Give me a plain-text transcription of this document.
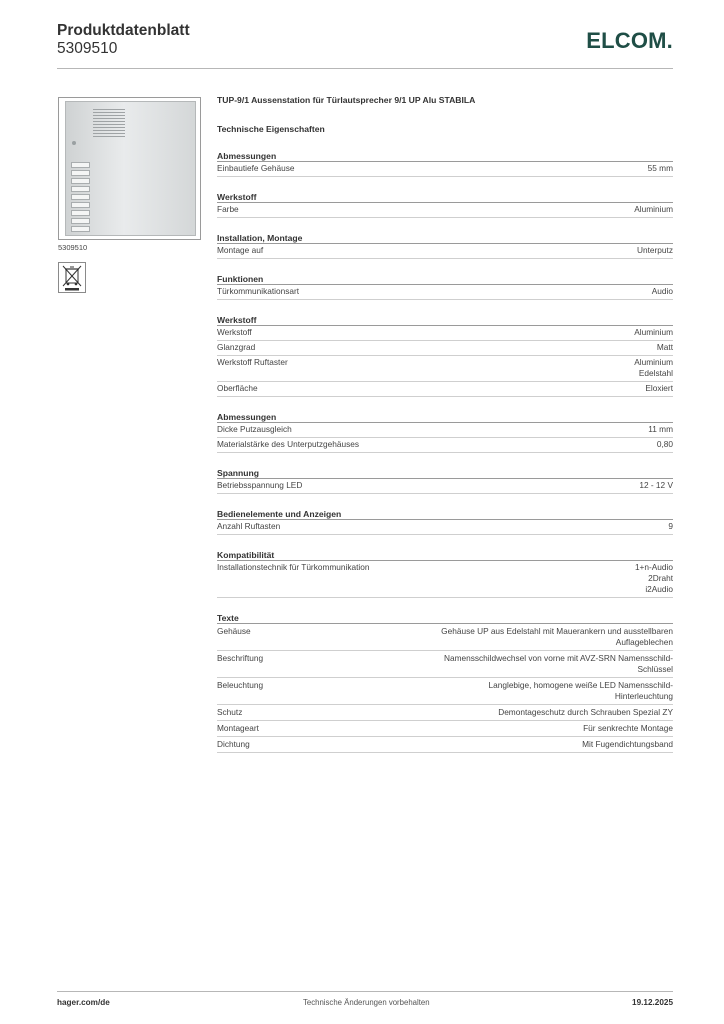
Produktdatenblatt
5309510	ELCOM.
5309510
TUP-9/1 Aussenstation für Türlautsprecher 9/1 UP Alu STABILA
Technische Eigenschaften
Abmessungen
Einbautiefe Gehäuse	55 mm
Werkstoff
Farbe	Aluminium
Installation, Montage
Montage auf	Unterputz
Funktionen
Türkommunikationsart	Audio
Werkstoff
Werkstoff	Aluminium
Glanzgrad	Matt
Werkstoff Ruftaster	Aluminium
Edelstahl
Oberfläche	Eloxiert
Abmessungen
Dicke Putzausgleich	11 mm
Materialstärke des Unterputzgehäuses	0,80
Spannung
Betriebsspannung LED	12 - 12 V
Bedienelemente und Anzeigen
Anzahl Ruftasten	9
Kompatibilität
Installationstechnik für Türkommunikation	1+n-Audio
2Draht
i2Audio
Texte
Gehäuse	Gehäuse UP aus Edelstahl mit Mauerankern und ausstellbaren
Auflageblechen
Beschriftung	Namensschildwechsel von vorne mit AVZ-SRN Namensschild-
Schlüssel
Beleuchtung	Langlebige, homogene weiße LED Namensschild-
Hinterleuchtung
Schutz	Demontageschutz durch Schrauben Spezial ZY
Montageart	Für senkrechte Montage
Dichtung	Mit Fugendichtungsband
hager.com/de	Technische Änderungen vorbehalten	19.12.2025
